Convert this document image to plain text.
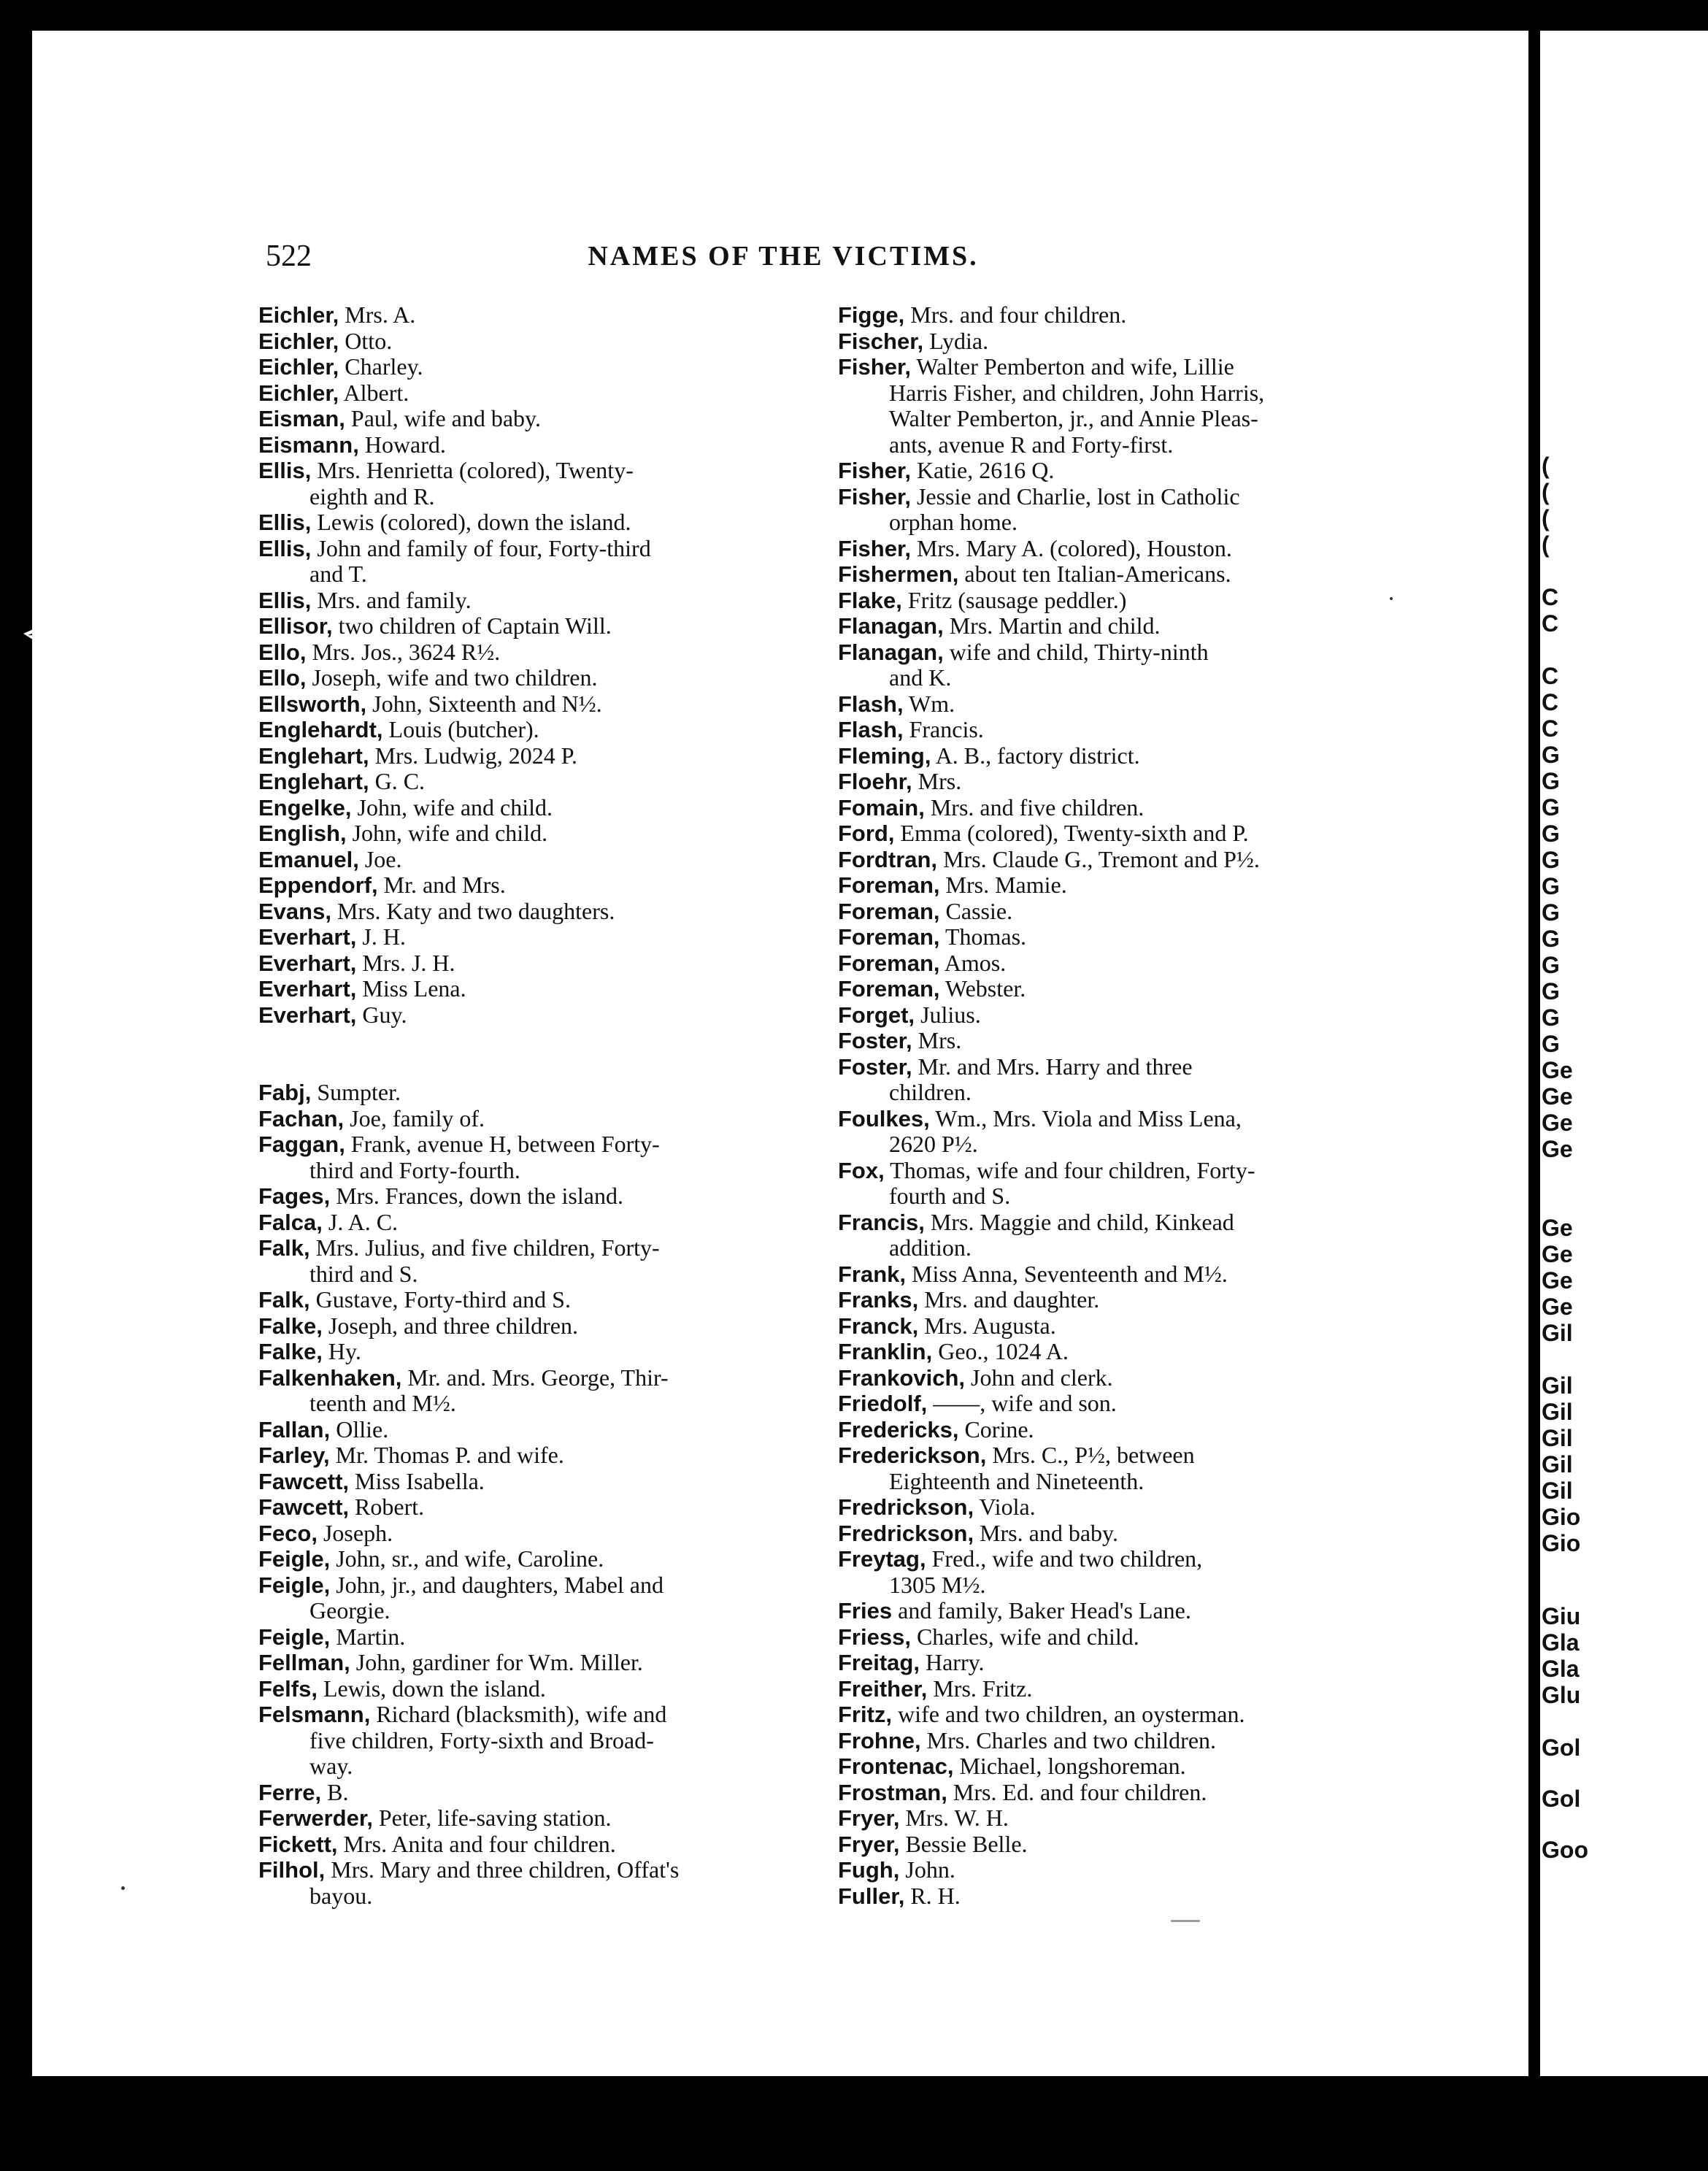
522	NAMES OF THE VICTIMS.
Eichler, Mrs. A.
Eichler, Otto.
Eichler, Charley.
Eichler, Albert.
Eisman, Paul, wife and baby.
Eismann, Howard.
Ellis, Mrs. Henrietta (colored), Twenty-
eighth and R.
Ellis, Lewis (colored), down the island.
Ellis, John and family of four, Forty-third
and T.
Ellis, Mrs. and family.
Ellisor, two children of Captain Will.
Ello, Mrs. Jos., 3624 R½.
Ello, Joseph, wife and two children.
Ellsworth, John, Sixteenth and N½.
Englehardt, Louis (butcher).
Englehart, Mrs. Ludwig, 2024 P.
Englehart, G. C.
Engelke, John, wife and child.
English, John, wife and child.
Emanuel, Joe.
Eppendorf, Mr. and Mrs.
Evans, Mrs. Katy and two daughters.
Everhart, J. H.
Everhart, Mrs. J. H.
Everhart, Miss Lena.
Everhart, Guy.
Fabj, Sumpter.
Fachan, Joe, family of.
Faggan, Frank, avenue H, between Forty-
third and Forty-fourth.
Fages, Mrs. Frances, down the island.
Falca, J. A. C.
Falk, Mrs. Julius, and five children, Forty-
third and S.
Falk, Gustave, Forty-third and S.
Falke, Joseph, and three children.
Falke, Hy.
Falkenhaken, Mr. and. Mrs. George, Thir-
teenth and M½.
Fallan, Ollie.
Farley, Mr. Thomas P. and wife.
Fawcett, Miss Isabella.
Fawcett, Robert.
Feco, Joseph.
Feigle, John, sr., and wife, Caroline.
Feigle, John, jr., and daughters, Mabel and
Georgie.
Feigle, Martin.
Fellman, John, gardiner for Wm. Miller.
Felfs, Lewis, down the island.
Felsmann, Richard (blacksmith), wife and
five children, Forty-sixth and Broad-
way.
Ferre, B.
Ferwerder, Peter, life-saving station.
Fickett, Mrs. Anita and four children.
Filhol, Mrs. Mary and three children, Offat's
bayou.
Figge, Mrs. and four children.
Fischer, Lydia.
Fisher, Walter Pemberton and wife, Lillie
Harris Fisher, and children, John Harris,
Walter Pemberton, jr., and Annie Pleas-
ants, avenue R and Forty-first.
Fisher, Katie, 2616 Q.
Fisher, Jessie and Charlie, lost in Catholic
orphan home.
Fisher, Mrs. Mary A. (colored), Houston.
Fishermen, about ten Italian-Americans.
Flake, Fritz (sausage peddler.)
Flanagan, Mrs. Martin and child.
Flanagan, wife and child, Thirty-ninth
and K.
Flash, Wm.
Flash, Francis.
Fleming, A. B., factory district.
Floehr, Mrs.
Fomain, Mrs. and five children.
Ford, Emma (colored), Twenty-sixth and P.
Fordtran, Mrs. Claude G., Tremont and P½.
Foreman, Mrs. Mamie.
Foreman, Cassie.
Foreman, Thomas.
Foreman, Amos.
Foreman, Webster.
Forget, Julius.
Foster, Mrs.
Foster, Mr. and Mrs. Harry and three
children.
Foulkes, Wm., Mrs. Viola and Miss Lena,
2620 P½.
Fox, Thomas, wife and four children, Forty-
fourth and S.
Francis, Mrs. Maggie and child, Kinkead
addition.
Frank, Miss Anna, Seventeenth and M½.
Franks, Mrs. and daughter.
Franck, Mrs. Augusta.
Franklin, Geo., 1024 A.
Frankovich, John and clerk.
Friedolf, ——, wife and son.
Fredericks, Corine.
Frederickson, Mrs. C., P½, between
Eighteenth and Nineteenth.
Fredrickson, Viola.
Fredrickson, Mrs. and baby.
Freytag, Fred., wife and two children,
1305 M½.
Fries and family, Baker Head's Lane.
Friess, Charles, wife and child.
Freitag, Harry.
Freither, Mrs. Fritz.
Fritz, wife and two children, an oysterman.
Frohne, Mrs. Charles and two children.
Frontenac, Michael, longshoreman.
Frostman, Mrs. Ed. and four children.
Fryer, Mrs. W. H.
Fryer, Bessie Belle.
Fugh, John.
Fuller, R. H.
(
(
(
(
C
C
C
C
C
G
G
G
G
G
G
G
G
G
G
G
G
Ge
Ge
Ge
Ge
Ge
Ge
Ge
Ge
Gil
Gil
Gil
Gil
Gil
Gil
Gio
Gio
Giu
Gla
Gla
Glu
Gol
Gol
Goo
